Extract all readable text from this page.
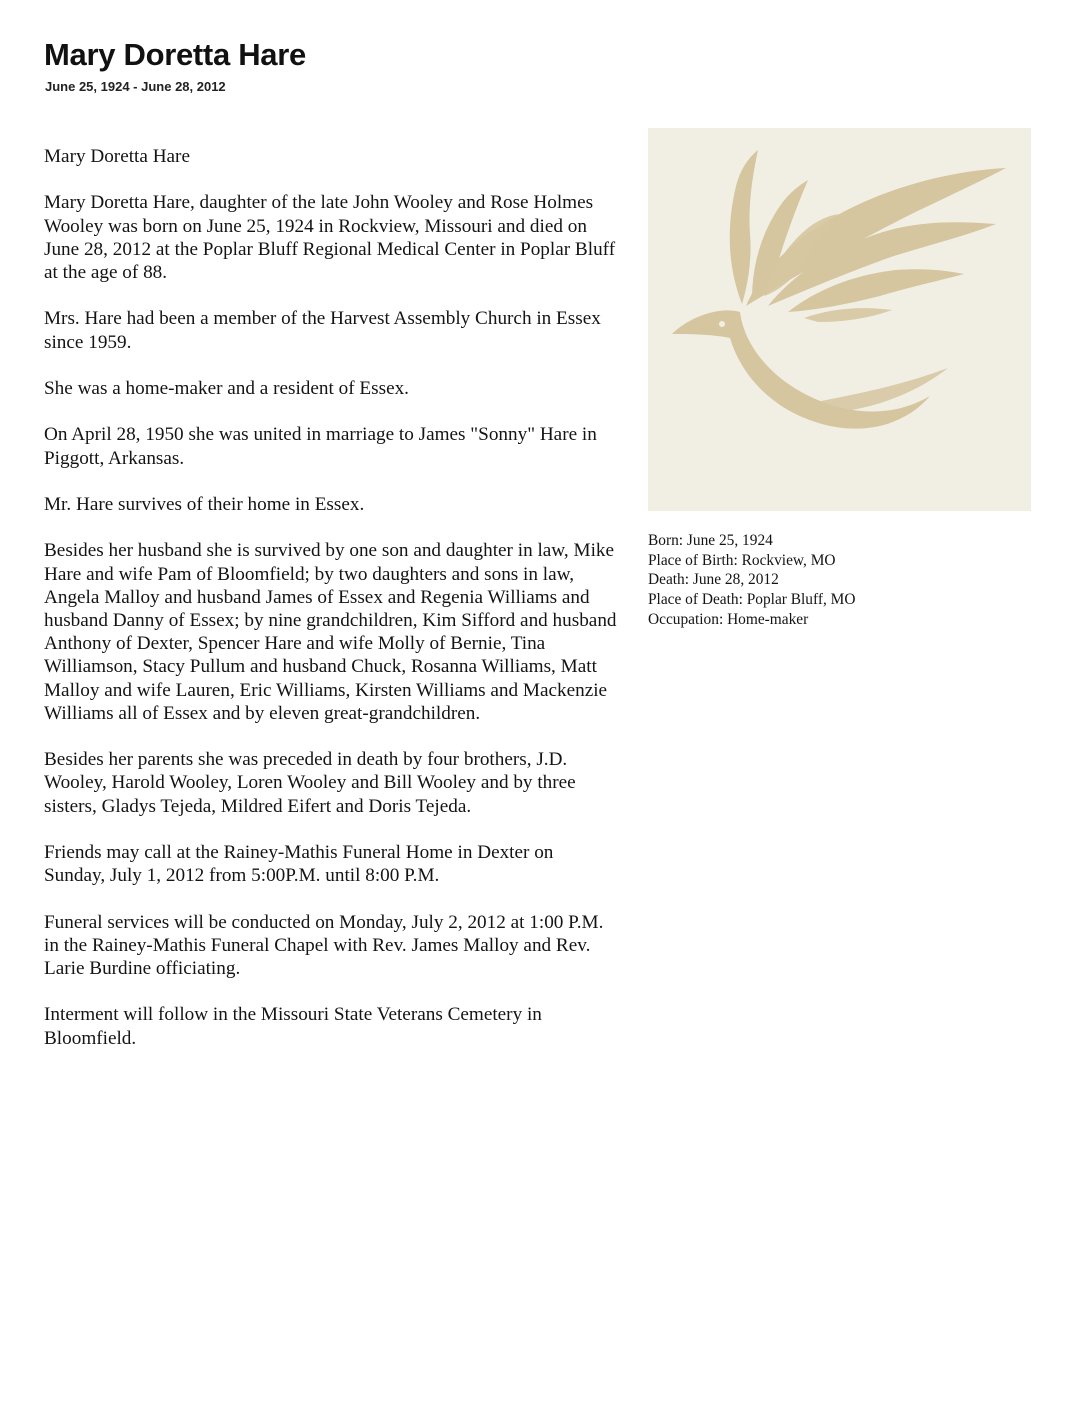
Mary Doretta Hare
June 25, 1924 - June 28, 2012

Mary Doretta Hare

Mary Doretta Hare, daughter of the late John Wooley and Rose Holmes Wooley was born on June 25, 1924 in Rockview, Missouri and died on June 28, 2012 at the Poplar Bluff Regional Medical Center in Poplar Bluff at the age of 88.

Mrs. Hare had been a member of the Harvest Assembly Church in Essex since 1959.

She was a home-maker and a resident of Essex.

On April 28, 1950 she was united in marriage to James "Sonny" Hare in Piggott, Arkansas.

Mr. Hare survives of their home in Essex.

Besides her husband she is survived by one son and daughter in law, Mike Hare and wife Pam of Bloomfield; by two daughters and sons in law, Angela Malloy and husband James of Essex and Regenia Williams and husband Danny of Essex; by nine grandchildren, Kim Sifford and husband Anthony of Dexter, Spencer Hare and wife Molly of Bernie, Tina Williamson, Stacy Pullum and husband Chuck, Rosanna Williams, Matt Malloy and wife Lauren, Eric Williams, Kirsten Williams and Mackenzie Williams all of Essex and by eleven great-grandchildren.

Besides her parents she was preceded in death by four brothers, J.D. Wooley, Harold Wooley, Loren Wooley and Bill Wooley and by three sisters, Gladys Tejeda, Mildred Eifert and Doris Tejeda.

Friends may call at the Rainey-Mathis Funeral Home in Dexter on Sunday, July 1, 2012 from 5:00P.M. until 8:00 P.M.

Funeral services will be conducted on Monday, July 2, 2012 at 1:00 P.M. in the Rainey-Mathis Funeral Chapel with Rev. James Malloy and Rev. Larie Burdine officiating.

Interment will follow in the Missouri State Veterans Cemetery in Bloomfield.

Born: June 25, 1924
Place of Birth: Rockview, MO
Death: June 28, 2012
Place of Death: Poplar Bluff, MO
Occupation: Home-maker
